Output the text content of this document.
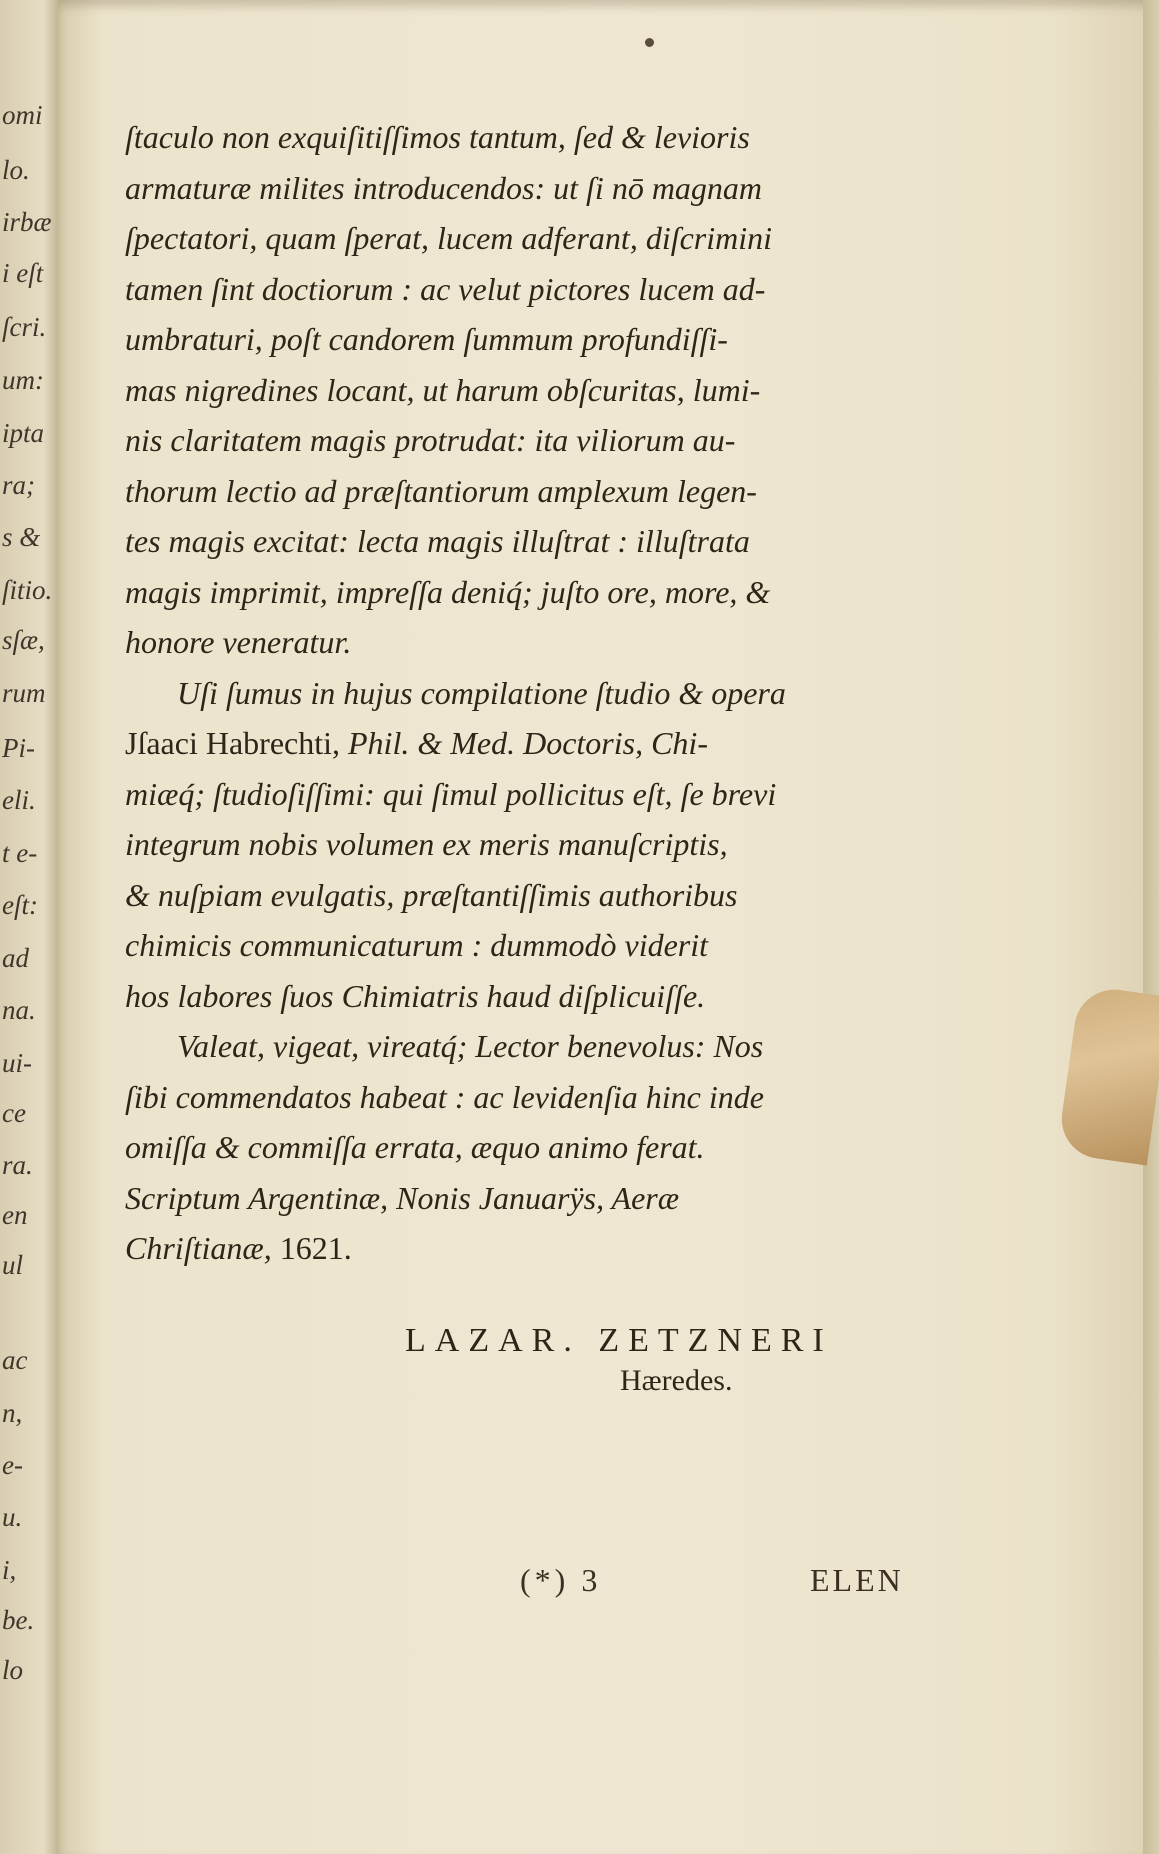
omi
lo.
irbæ
i eſt
ſcri.
um:
ipta
ra;
s &
ſitio.
sſæ,
rum
Pi-
eli.
t e-
eſt:
ad
na.
ui-
ce
ra.
en
ul
ac
n,
e-
u.
i,
be.
lo
ſtaculo non exquiſitiſſimos tantum, ſed & levioris
armaturæ milites introducendos: ut ſi nō magnam
ſpectatori, quam ſperat, lucem adferant, diſcrimini
tamen ſint doctiorum : ac velut pictores lucem ad-
umbraturi, poſt candorem ſummum profundiſſi-
mas nigredines locant, ut harum obſcuritas, lumi-
nis claritatem magis protrudat: ita viliorum au-
thorum lectio ad præſtantiorum amplexum legen-
tes magis excitat: lecta magis illuſtrat : illuſtrata
magis imprimit, impreſſa deniq́; juſto ore, more, &
honore veneratur.
Uſi ſumus in hujus compilatione ſtudio & opera
Jſaaci Habrechti, Phil. & Med. Doctoris, Chi-
miæq́; ſtudioſiſſimi: qui ſimul pollicitus eſt, ſe brevi
integrum nobis volumen ex meris manuſcriptis,
& nuſpiam evulgatis, præſtantiſſimis authoribus
chimicis communicaturum : dummodò viderit
hos labores ſuos Chimiatris haud diſplicuiſſe.
Valeat, vigeat, vireatq́; Lector benevolus: Nos
ſibi commendatos habeat : ac levidenſia hinc inde
omiſſa & commiſſa errata, æquo animo ferat.
Scriptum Argentinæ, Nonis Januarÿs, Aeræ
Chriſtianæ, 1621.
LAZAR. ZETZNERI
Hæredes.
(*) 3	ELEN
